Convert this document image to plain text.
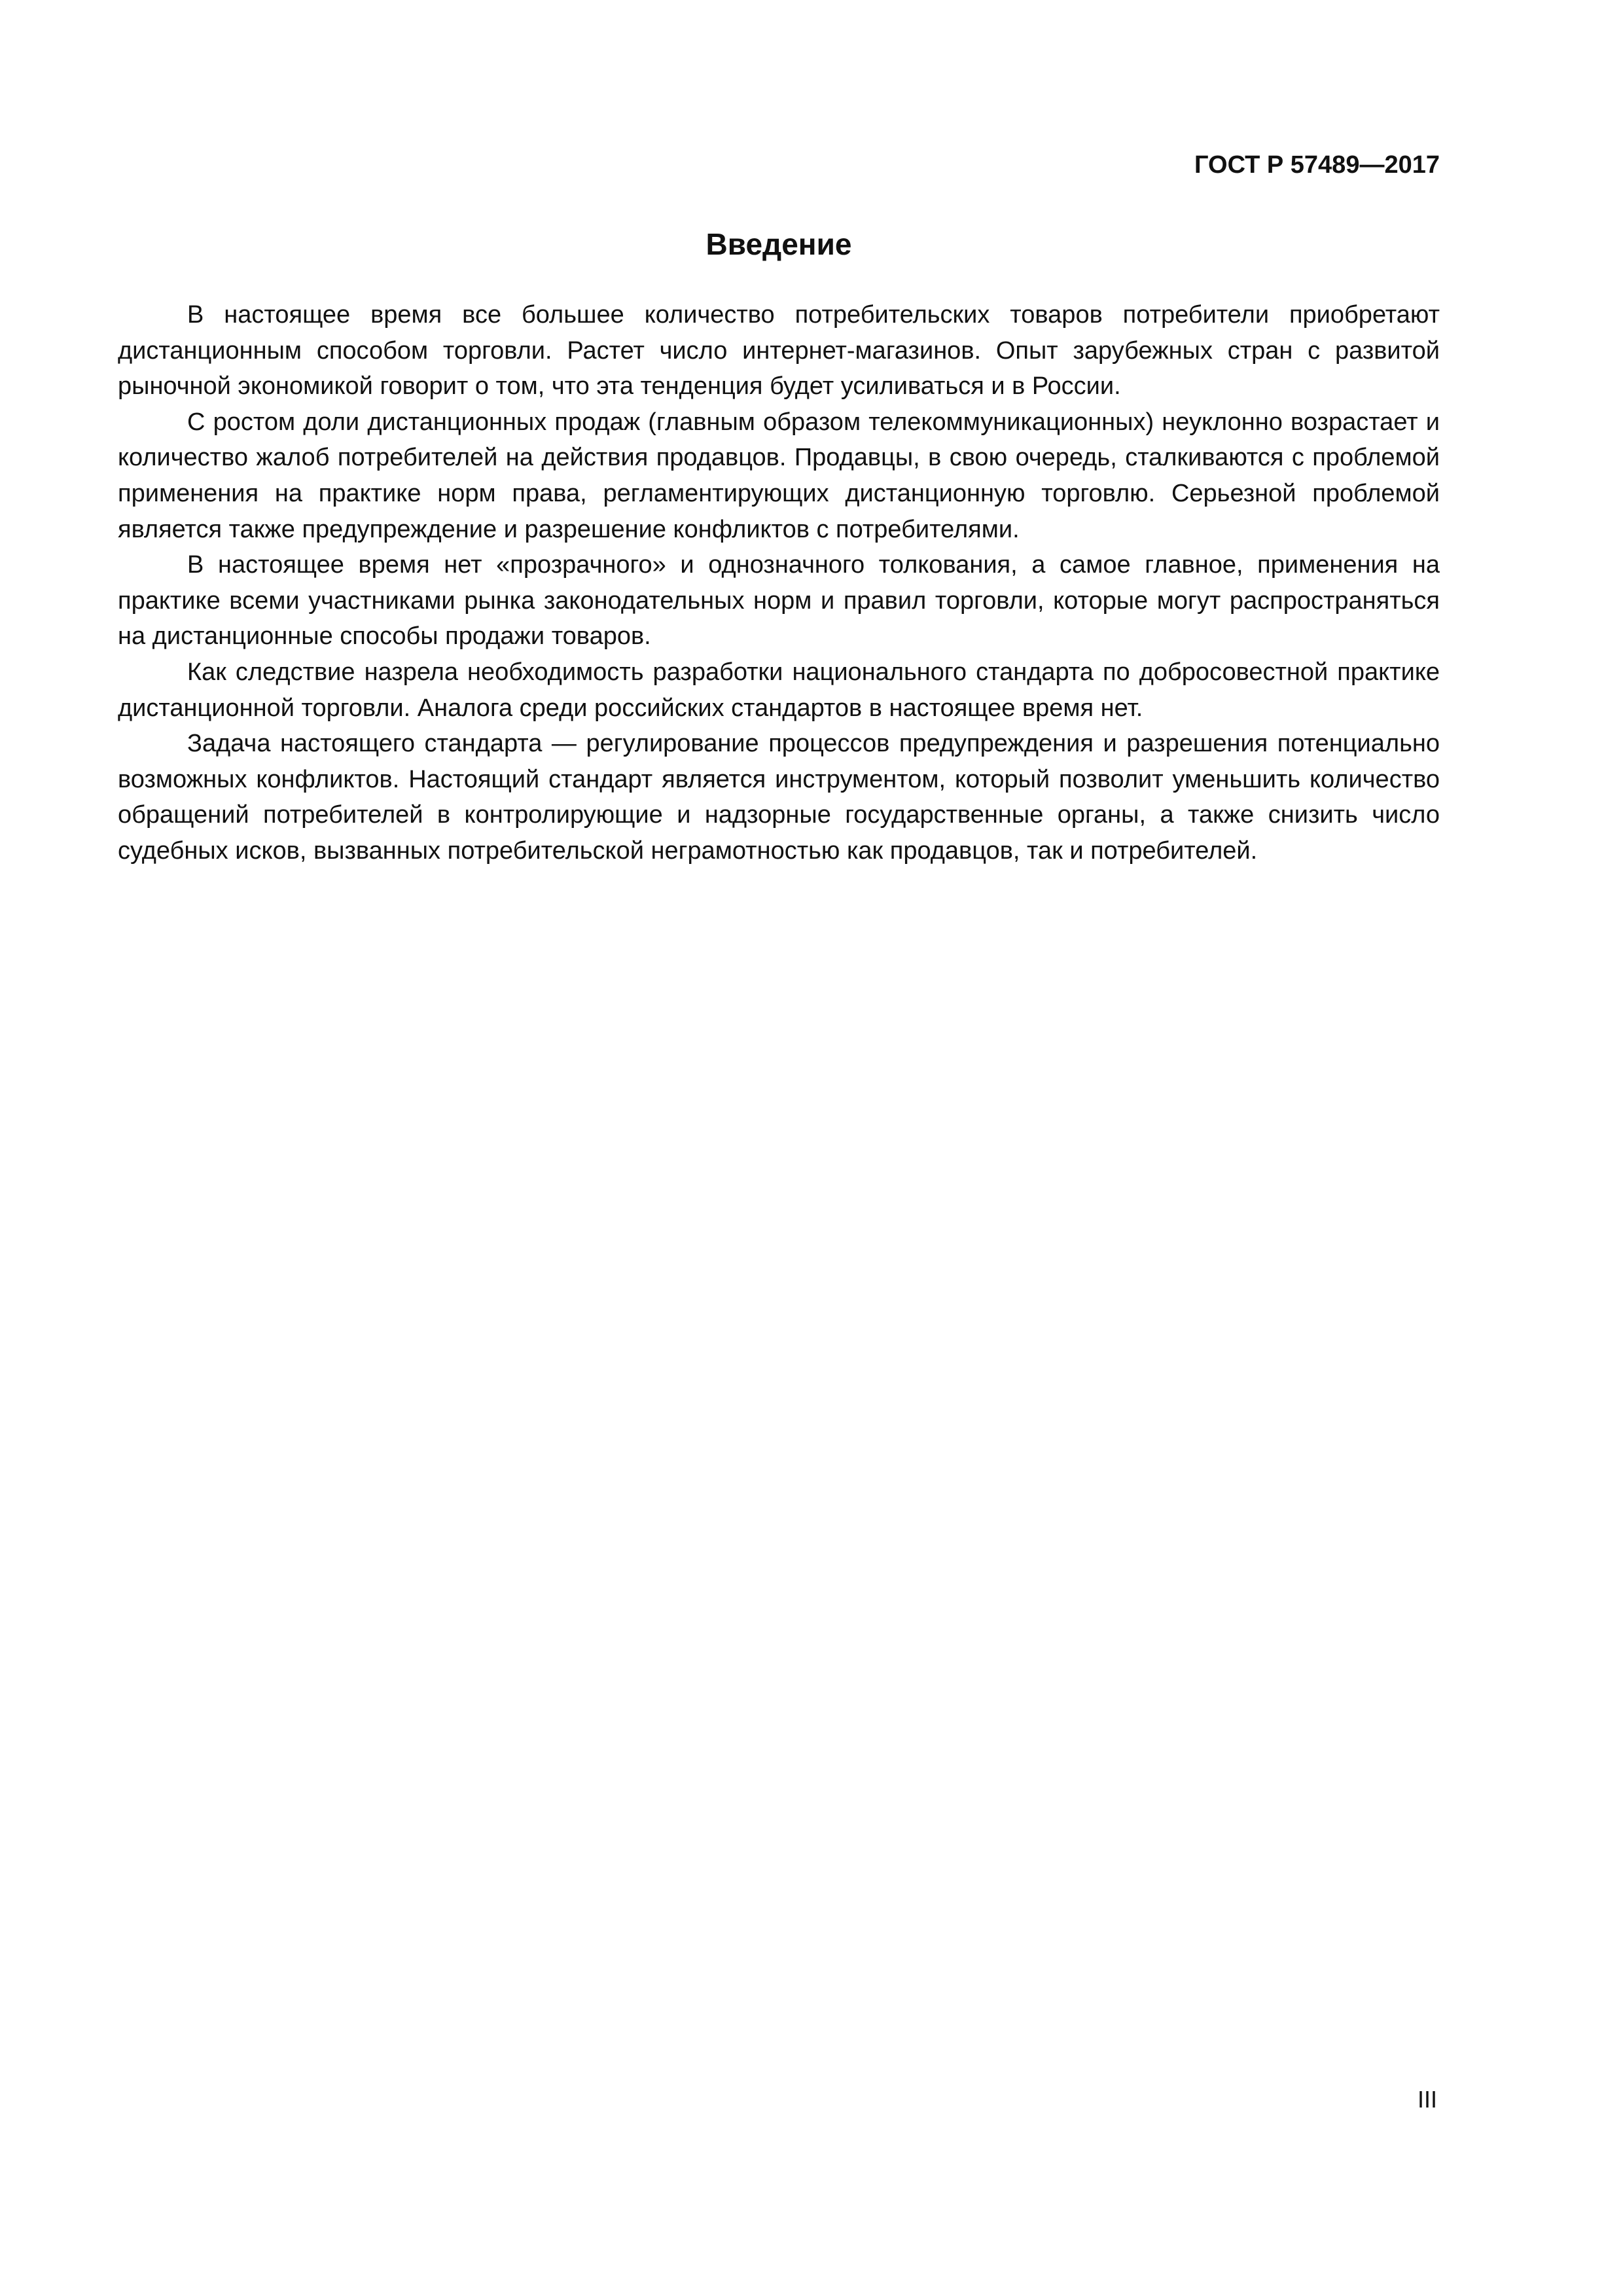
ГОСТ Р 57489—2017
Введение

В настоящее время все большее количество потребительских товаров потребители приобретают дистанционным способом торговли. Растет число интернет-магазинов. Опыт зарубежных стран с развитой рыночной экономикой говорит о том, что эта тенденция будет усиливаться и в России.

С ростом доли дистанционных продаж (главным образом телекоммуникационных) неуклонно возрастает и количество жалоб потребителей на действия продавцов. Продавцы, в свою очередь, сталкиваются с проблемой применения на практике норм права, регламентирующих дистанционную торговлю. Серьезной проблемой является также предупреждение и разрешение конфликтов с потребителями.

В настоящее время нет «прозрачного» и однозначного толкования, а самое главное, применения на практике всеми участниками рынка законодательных норм и правил торговли, которые могут распространяться на дистанционные способы продажи товаров.

Как следствие назрела необходимость разработки национального стандарта по добросовестной практике дистанционной торговли. Аналога среди российских стандартов в настоящее время нет.

Задача настоящего стандарта — регулирование процессов предупреждения и разрешения потенциально возможных конфликтов. Настоящий стандарт является инструментом, который позволит уменьшить количество обращений потребителей в контролирующие и надзорные государственные органы, а также снизить число судебных исков, вызванных потребительской неграмотностью как продавцов, так и потребителей.

III
